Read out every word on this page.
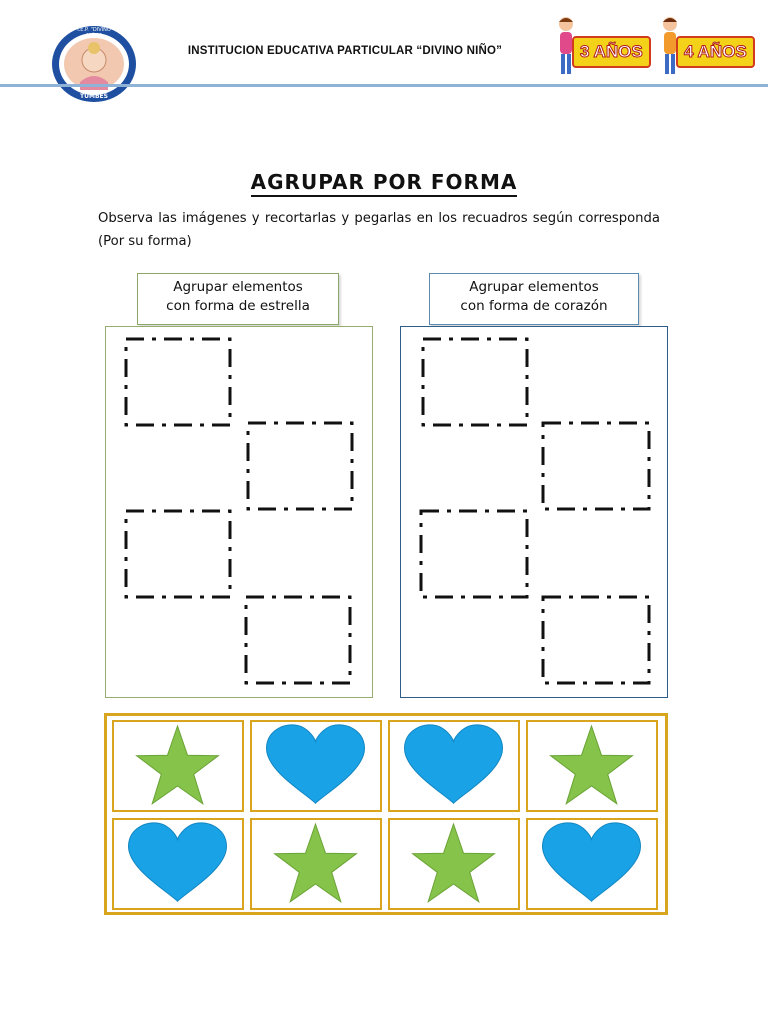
I.E.P. “DIVINO NIÑO”
TUMBES
INSTITUCION EDUCATIVA PARTICULAR “DIVINO NIÑO”	3 AÑOS	4 AÑOS
AGRUPAR POR FORMA
Observa las imágenes y recortarlas y pegarlas en los recuadros según corresponda (Por su forma)
Agrupar elementos
con forma de estrella
Agrupar elementos
con forma de corazón
